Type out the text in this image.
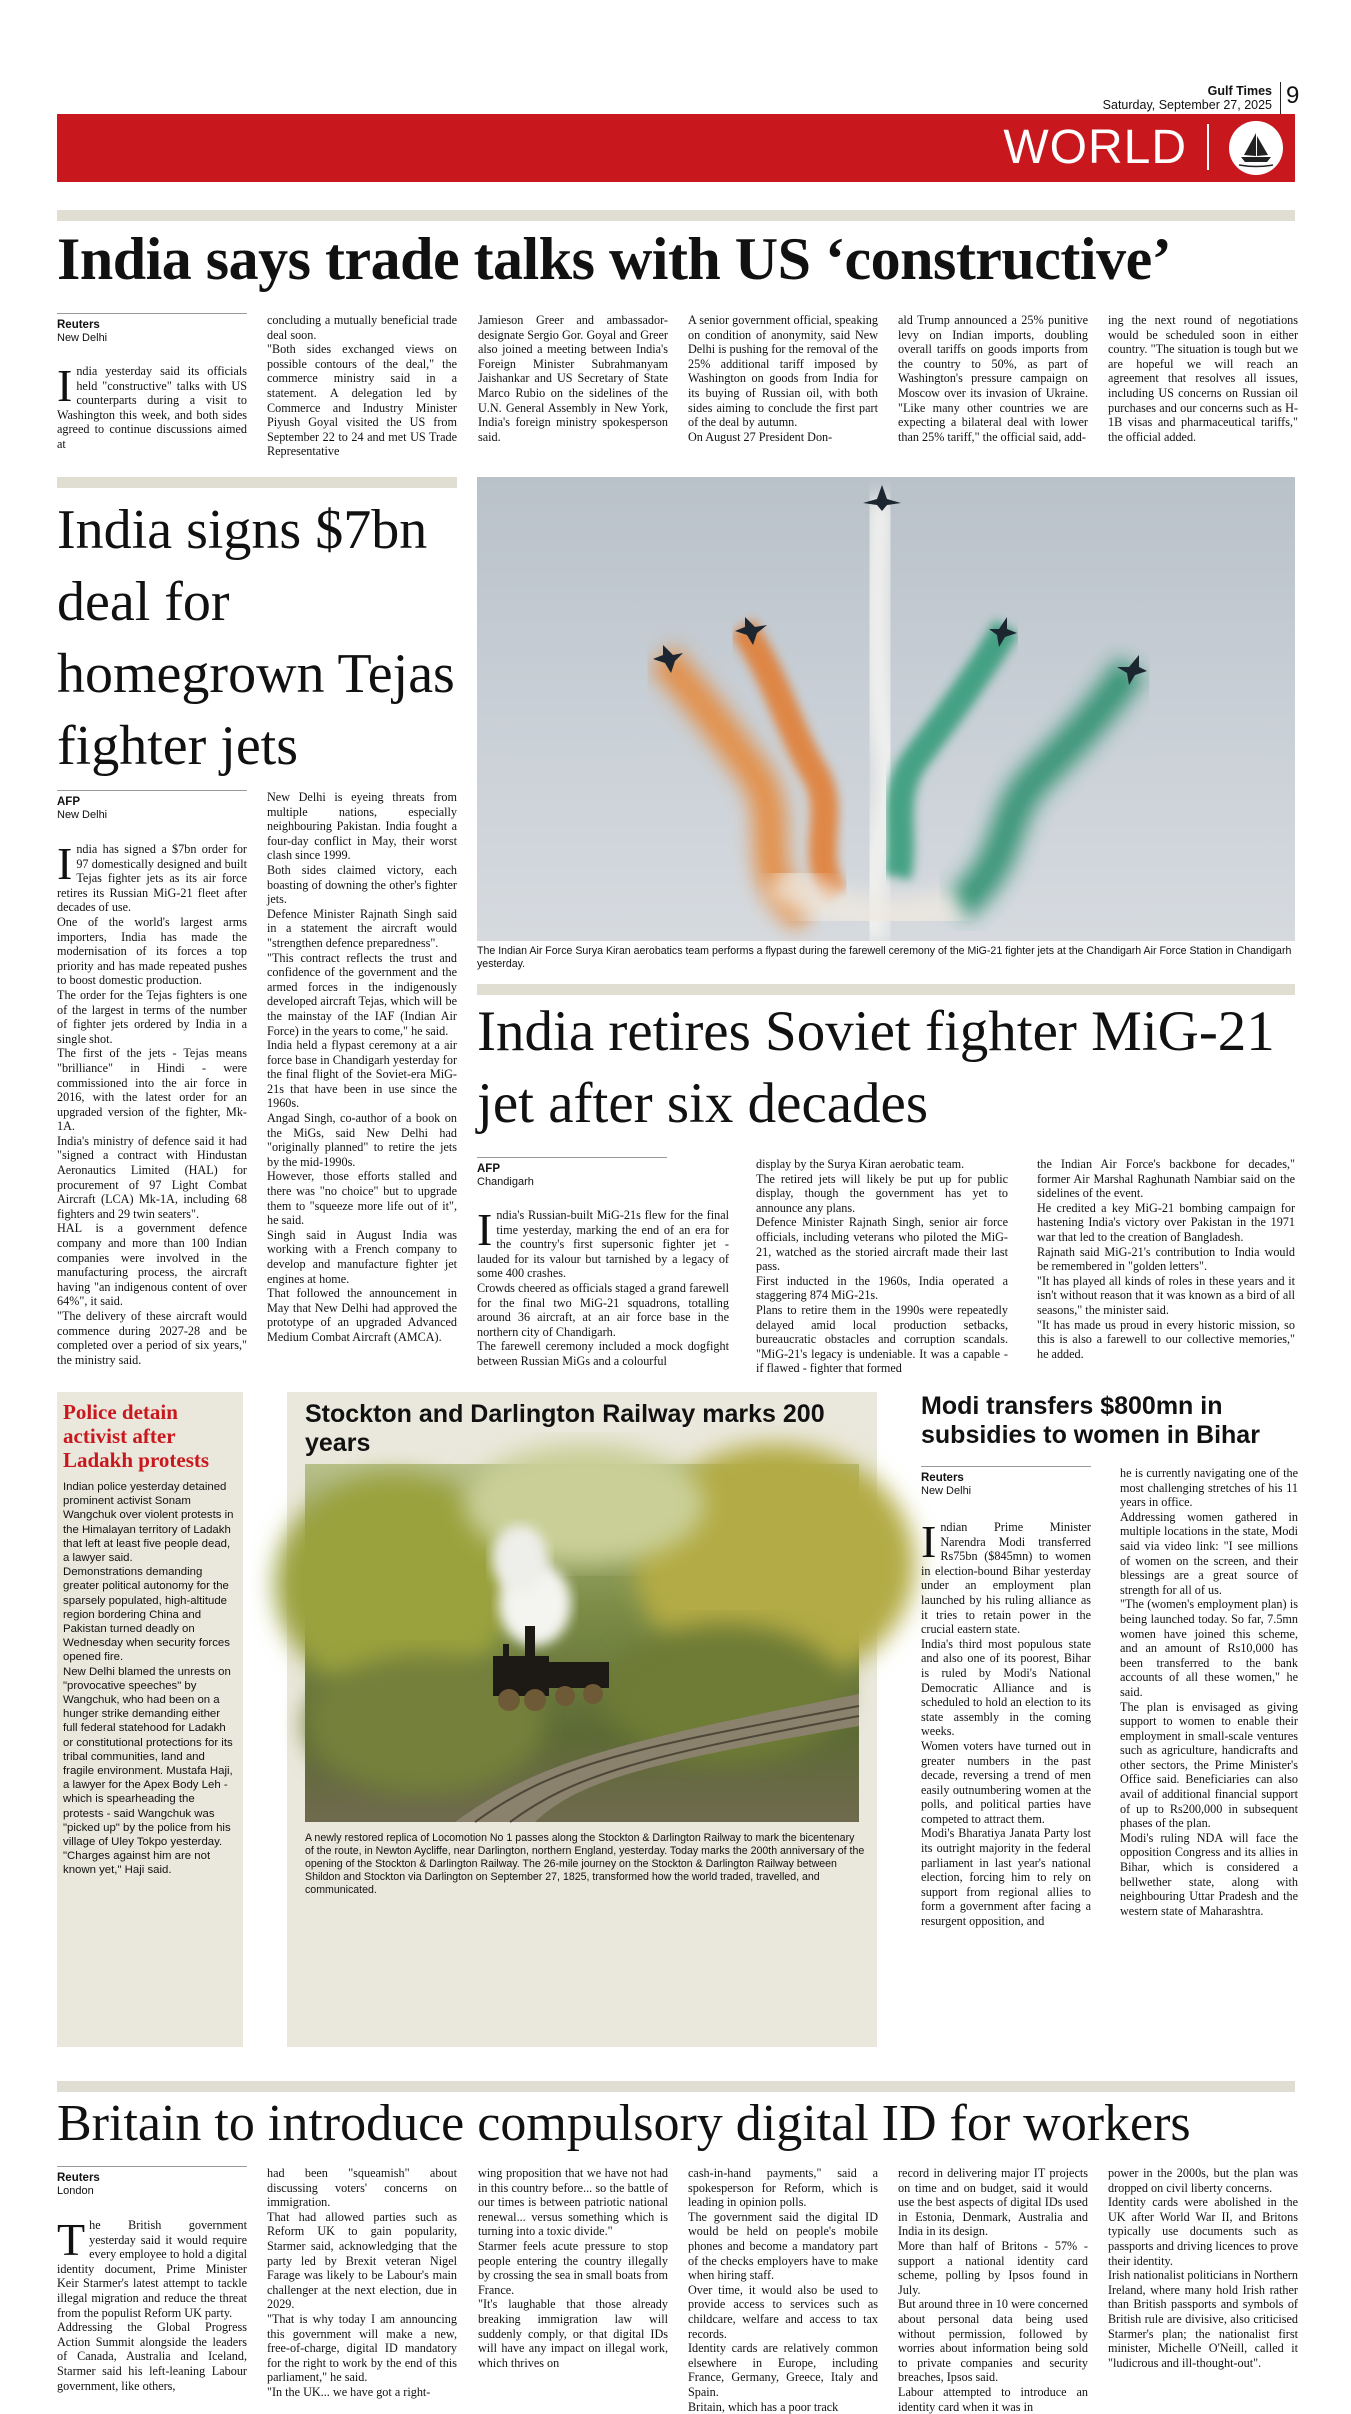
Gulf Times
Saturday, September 27, 2025 9
WORLD
India says trade talks with US ‘constructive’
Reuters
New Delhi
India yesterday said its officials held "constructive" talks with US counterparts during a visit to Washington this week, and both sides agreed to continue discussions aimed at
concluding a mutually beneficial trade deal soon.
"Both sides exchanged views on possible contours of the deal," the commerce ministry said in a statement. A delegation led by Commerce and Industry Minister Piyush Goyal visited the US from September 22 to 24 and met US Trade Representative
Jamieson Greer and ambassador-designate Sergio Gor. Goyal and Greer also joined a meeting between India's Foreign Minister Subrahmanyam Jaishankar and US Secretary of State Marco Rubio on the sidelines of the U.N. General Assembly in New York, India's foreign ministry spokesperson said.
A senior government official, speaking on condition of anonymity, said New Delhi is pushing for the removal of the 25% additional tariff imposed by Washington on goods from India for its buying of Russian oil, with both sides aiming to conclude the first part of the deal by autumn.
On August 27 President Don-
ald Trump announced a 25% punitive levy on Indian imports, doubling overall tariffs on goods imports from the country to 50%, as part of Washington's pressure campaign on Moscow over its invasion of Ukraine. "Like many other countries we are expecting a bilateral deal with lower than 25% tariff," the official said, add-
ing the next round of negotiations would be scheduled soon in either country. "The situation is tough but we are hopeful we will reach an agreement that resolves all issues, including US concerns on Russian oil purchases and our concerns such as H-1B visas and pharmaceutical tariffs," the official added.
India signs $7bn deal for homegrown Tejas fighter jets
AFP
New Delhi
India has signed a $7bn order for 97 domestically designed and built Tejas fighter jets as its air force retires its Russian MiG-21 fleet after decades of use.
One of the world's largest arms importers, India has made the modernisation of its forces a top priority and has made repeated pushes to boost domestic production.
The order for the Tejas fighters is one of the largest in terms of the number of fighter jets ordered by India in a single shot.
The first of the jets - Tejas means "brilliance" in Hindi - were commissioned into the air force in 2016, with the latest order for an upgraded version of the fighter, Mk-1A.
India's ministry of defence said it had "signed a contract with Hindustan Aeronautics Limited (HAL) for procurement of 97 Light Combat Aircraft (LCA) Mk-1A, including 68 fighters and 29 twin seaters".
HAL is a government defence company and more than 100 Indian companies were involved in the manufacturing process, the aircraft having "an indigenous content of over 64%", it said.
"The delivery of these aircraft would commence during 2027-28 and be completed over a period of six years," the ministry said.
New Delhi is eyeing threats from multiple nations, especially neighbouring Pakistan. India fought a four-day conflict in May, their worst clash since 1999.
Both sides claimed victory, each boasting of downing the other's fighter jets.
Defence Minister Rajnath Singh said in a statement the aircraft would "strengthen defence preparedness".
"This contract reflects the trust and confidence of the government and the armed forces in the indigenously developed aircraft Tejas, which will be the mainstay of the IAF (Indian Air Force) in the years to come," he said.
India held a flypast ceremony at a air force base in Chandigarh yesterday for the final flight of the Soviet-era MiG-21s that have been in use since the 1960s.
Angad Singh, co-author of a book on the MiGs, said New Delhi had "originally planned" to retire the jets by the mid-1990s.
However, those efforts stalled and there was "no choice" but to upgrade them to "squeeze more life out of it", he said.
Singh said in August India was working with a French company to develop and manufacture fighter jet engines at home.
That followed the announcement in May that New Delhi had approved the prototype of an upgraded Advanced Medium Combat Aircraft (AMCA).
The Indian Air Force Surya Kiran aerobatics team performs a flypast during the farewell ceremony of the MiG-21 fighter jets at the Chandigarh Air Force Station in Chandigarh yesterday.
India retires Soviet fighter MiG-21 jet after six decades
AFP
Chandigarh
India's Russian-built MiG-21s flew for the final time yesterday, marking the end of an era for the country's first supersonic fighter jet - lauded for its valour but tarnished by a legacy of some 400 crashes.
Crowds cheered as officials staged a grand farewell for the final two MiG-21 squadrons, totalling around 36 aircraft, at an air force base in the northern city of Chandigarh.
The farewell ceremony included a mock dogfight between Russian MiGs and a colourful
display by the Surya Kiran aerobatic team.
The retired jets will likely be put up for public display, though the government has yet to announce any plans.
Defence Minister Rajnath Singh, senior air force officials, including veterans who piloted the MiG-21, watched as the storied aircraft made their last pass.
First inducted in the 1960s, India operated a staggering 874 MiG-21s.
Plans to retire them in the 1990s were repeatedly delayed amid local production setbacks, bureaucratic obstacles and corruption scandals. "MiG-21's legacy is undeniable. It was a capable - if flawed - fighter that formed
the Indian Air Force's backbone for decades," former Air Marshal Raghunath Nambiar said on the sidelines of the event.
He credited a key MiG-21 bombing campaign for hastening India's victory over Pakistan in the 1971 war that led to the creation of Bangladesh.
Rajnath said MiG-21's contribution to India would be remembered in "golden letters".
"It has played all kinds of roles in these years and it isn't without reason that it was known as a bird of all seasons," the minister said.
"It has made us proud in every historic mission, so this is also a farewell to our collective memories," he added.
Police detain activist after Ladakh protests
Indian police yesterday detained prominent activist Sonam Wangchuk over violent protests in the Himalayan territory of Ladakh that left at least five people dead, a lawyer said.
Demonstrations demanding greater political autonomy for the sparsely populated, high-altitude region bordering China and Pakistan turned deadly on Wednesday when security forces opened fire.
New Delhi blamed the unrests on "provocative speeches" by Wangchuk, who had been on a hunger strike demanding either full federal statehood for Ladakh or constitutional protections for its tribal communities, land and fragile environment. Mustafa Haji, a lawyer for the Apex Body Leh - which is spearheading the protests - said Wangchuk was "picked up" by the police from his village of Uley Tokpo yesterday. "Charges against him are not known yet," Haji said.
Stockton and Darlington Railway marks 200 years
A newly restored replica of Locomotion No 1 passes along the Stockton & Darlington Railway to mark the bicentenary of the route, in Newton Aycliffe, near Darlington, northern England, yesterday. Today marks the 200th anniversary of the opening of the Stockton & Darlington Railway. The 26-mile journey on the Stockton & Darlington Railway between Shildon and Stockton via Darlington on September 27, 1825, transformed how the world traded, travelled, and communicated.
Modi transfers $800mn in subsidies to women in Bihar
Reuters
New Delhi
Indian Prime Minister Narendra Modi transferred Rs75bn ($845mn) to women in election-bound Bihar yesterday under an employment plan launched by his ruling alliance as it tries to retain power in the crucial eastern state.
India's third most populous state and also one of its poorest, Bihar is ruled by Modi's National Democratic Alliance and is scheduled to hold an election to its state assembly in the coming weeks.
Women voters have turned out in greater numbers in the past decade, reversing a trend of men easily outnumbering women at the polls, and political parties have competed to attract them.
Modi's Bharatiya Janata Party lost its outright majority in the federal parliament in last year's national election, forcing him to rely on support from regional allies to form a government after facing a resurgent opposition, and
he is currently navigating one of the most challenging stretches of his 11 years in office.
Addressing women gathered in multiple locations in the state, Modi said via video link: "I see millions of women on the screen, and their blessings are a great source of strength for all of us.
"The (women's employment plan) is being launched today. So far, 7.5mn women have joined this scheme, and an amount of Rs10,000 has been transferred to the bank accounts of all these women," he said.
The plan is envisaged as giving support to women to enable their employment in small-scale ventures such as agriculture, handicrafts and other sectors, the Prime Minister's Office said. Beneficiaries can also avail of additional financial support of up to Rs200,000 in subsequent phases of the plan.
Modi's ruling NDA will face the opposition Congress and its allies in Bihar, which is considered a bellwether state, along with neighbouring Uttar Pradesh and the western state of Maharashtra.
Britain to introduce compulsory digital ID for workers
Reuters
London
The British government yesterday said it would require every employee to hold a digital identity document, Prime Minister Keir Starmer's latest attempt to tackle illegal migration and reduce the threat from the populist Reform UK party.
Addressing the Global Progress Action Summit alongside the leaders of Canada, Australia and Iceland, Starmer said his left-leaning Labour government, like others,
had been "squeamish" about discussing voters' concerns on immigration.
That had allowed parties such as Reform UK to gain popularity, Starmer said, acknowledging that the party led by Brexit veteran Nigel Farage was likely to be Labour's main challenger at the next election, due in 2029.
"That is why today I am announcing this government will make a new, free-of-charge, digital ID mandatory for the right to work by the end of this parliament," he said.
"In the UK... we have got a right-
wing proposition that we have not had in this country before... so the battle of our times is between patriotic national renewal... versus something which is turning into a toxic divide."
Starmer feels acute pressure to stop people entering the country illegally by crossing the sea in small boats from France.
"It's laughable that those already breaking immigration law will suddenly comply, or that digital IDs will have any impact on illegal work, which thrives on
cash-in-hand payments," said a spokesperson for Reform, which is leading in opinion polls.
The government said the digital ID would be held on people's mobile phones and become a mandatory part of the checks employers have to make when hiring staff.
Over time, it would also be used to provide access to services such as childcare, welfare and access to tax records.
Identity cards are relatively common elsewhere in Europe, including France, Germany, Greece, Italy and Spain.
Britain, which has a poor track
record in delivering major IT projects on time and on budget, said it would use the best aspects of digital IDs used in Estonia, Denmark, Australia and India in its design.
More than half of Britons - 57% - support a national identity card scheme, polling by Ipsos found in July.
But around three in 10 were concerned about personal data being used without permission, followed by worries about information being sold to private companies and security breaches, Ipsos said.
Labour attempted to introduce an identity card when it was in
power in the 2000s, but the plan was dropped on civil liberty concerns.
Identity cards were abolished in the UK after World War II, and Britons typically use documents such as passports and driving licences to prove their identity.
Irish nationalist politicians in Northern Ireland, where many hold Irish rather than British passports and symbols of British rule are divisive, also criticised Starmer's plan; the nationalist first minister, Michelle O'Neill, called it "ludicrous and ill-thought-out".
